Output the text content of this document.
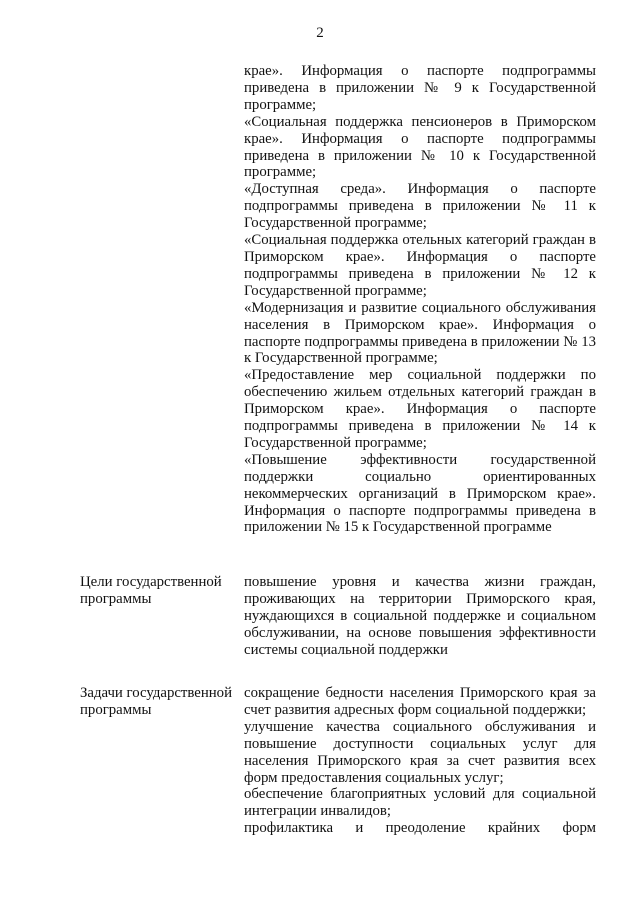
2

крае». Информация о паспорте подпрограммы приведена в приложении № 9 к Государственной программе;

«Социальная поддержка пенсионеров в Приморском крае». Информация о паспорте подпрограммы приведена в приложении № 10 к Государственной программе;

«Доступная среда». Информация о паспорте подпрограммы приведена в приложении № 11 к Государственной программе;

«Социальная поддержка отельных категорий граждан в Приморском крае». Информация о паспорте подпрограммы приведена в приложении № 12 к Государственной программе;

«Модернизация и развитие социального обслуживания населения в Приморском крае». Информация о паспорте подпрограммы приведена в приложении № 13 к Государственной программе;

«Предоставление мер социальной поддержки по обеспечению жильем отдельных категорий граждан в Приморском крае». Информация о паспорте подпрограммы приведена в приложении № 14 к Государственной программе;

«Повышение эффективности государственной поддержки социально ориентированных некоммерческих организаций в Приморском крае». Информация о паспорте подпрограммы приведена в приложении № 15 к Государственной программе

Цели государственной программы

повышение уровня и качества жизни граждан, проживающих на территории Приморского края, нуждающихся в социальной поддержке и социальном обслуживании, на основе повышения эффективности системы социальной поддержки

Задачи государственной программы

сокращение бедности населения Приморского края за счет развития адресных форм социальной поддержки;

улучшение качества социального обслуживания и повышение доступности социальных услуг для населения Приморского края за счет развития всех форм предоставления социальных услуг;

обеспечение благоприятных условий для социальной интеграции инвалидов;

профилактика и преодоление крайних форм
